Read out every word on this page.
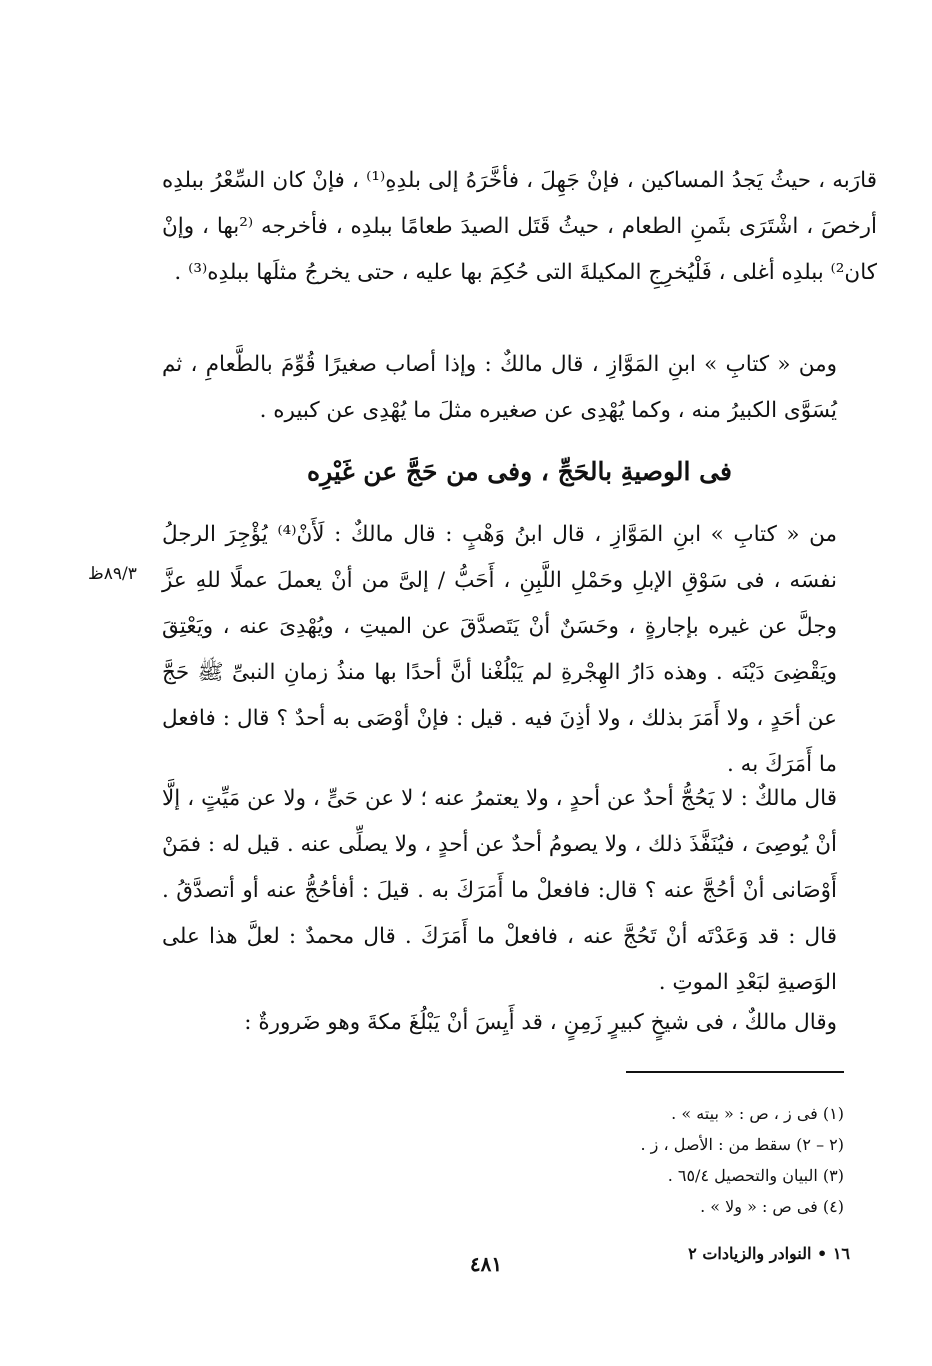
قارَبه ، حيثُ يَجدُ المساكين ، فإنْ جَهِلَ ، فأخَّرَهُ إلى بلدِهِ⁽¹⁾ ، فإنْ كان السِّعْرُ ببلدِه أرخصَ ، اشْتَرَى بثَمنِ الطعام ، حيثُ قَتَل الصيدَ طعامًا ببلدِه ، فأخرجه ⁽²بها ، وإنْ كان²⁾ ببلدِه أغلى ، فَلْيُخرِجِ المكيلةَ التى حُكِمَ بها عليه ، حتى يخرجُ مثلَها ببلدِه⁽³⁾ .

ومن « كتابِ » ابنِ المَوَّازِ ، قال مالكٌ : وإذا أصاب صغيرًا قُوِّمَ بالطَّعامِ ، ثم يُسَوَّى الكبيرُ منه ، وكما يُهْدِى عن صغيره مثلَ ما يُهْدِى عن كبيره .

فى الوصيةِ بالحَجِّ ، وفى من حَجَّ عن غَيْرِه

من « كتابِ » ابنِ المَوَّازِ ، قال ابنُ وَهْبٍ : قال مالكٌ : لَأَنْ⁽⁴⁾ يُؤْجِرَ الرجلُ نفسَه ، فى سَوْقِ الإبلِ وحَمْلِ اللَّبِنِ ، أَحَبُّ / إلىَّ من أنْ يعملَ عملًا للهِ عزَّ وجلَّ عن غيره بإجارةٍ ، وحَسَنٌ أنْ يَتَصدَّقَ عن الميتِ ، ويُهْدِىَ عنه ، ويَعْتِقَ ويَقْضِىَ دَيْنَه . وهذه دَارُ الهِجْرةِ لم يَبْلُغْنا أنَّ أحدًا بها منذُ زمانِ النبىِّ ﷺ حَجَّ عن أحَدٍ ، ولا أَمَرَ بذلك ، ولا أذِنَ فيه . قيل : فإنْ أوْصَى به أحدٌ ؟ قال : فافعل ما أَمَرَكَ به .

٨٩/٣ظ

قال مالكٌ : لا يَحُجُّ أحدٌ عن أحدٍ ، ولا يعتمرُ عنه ؛ لا عن حَىٍّ ، ولا عن مَيِّتٍ ، إلَّا أنْ يُوصِىَ ، فيُنَفَّذَ ذلك ، ولا يصومُ أحدٌ عن أحدٍ ، ولا يصلِّى عنه . قيل له : فمَنْ أَوْصَانى أنْ أحُجَّ عنه ؟ قال: فافعلْ ما أَمَرَكَ به . قيلَ : أفأحُجُّ عنه أو أتصدَّقُ . قال : قد وَعَدْتَه أنْ تَحُجَّ عنه ، فافعلْ ما أَمَرَكَ . قال محمدٌ : لعلَّ هذا على الوَصيةِ لبَعْدِ الموتِ .

وقال مالكٌ ، فى شيخٍ كبيرٍ زَمِنٍ ، قد أَيِسَ أنْ يَبْلُغَ مكةَ وهو ضَرورةٌ :

(١) فى ز ، ص : « بيته » .
(٢ – ٢) سقط من : الأصل ، ز .
(٣) البيان والتحصيل ٦٥/٤ .
(٤) فى ص : « ولا » .
١٦ • النوادر والزيادات ٢
٤٨١
